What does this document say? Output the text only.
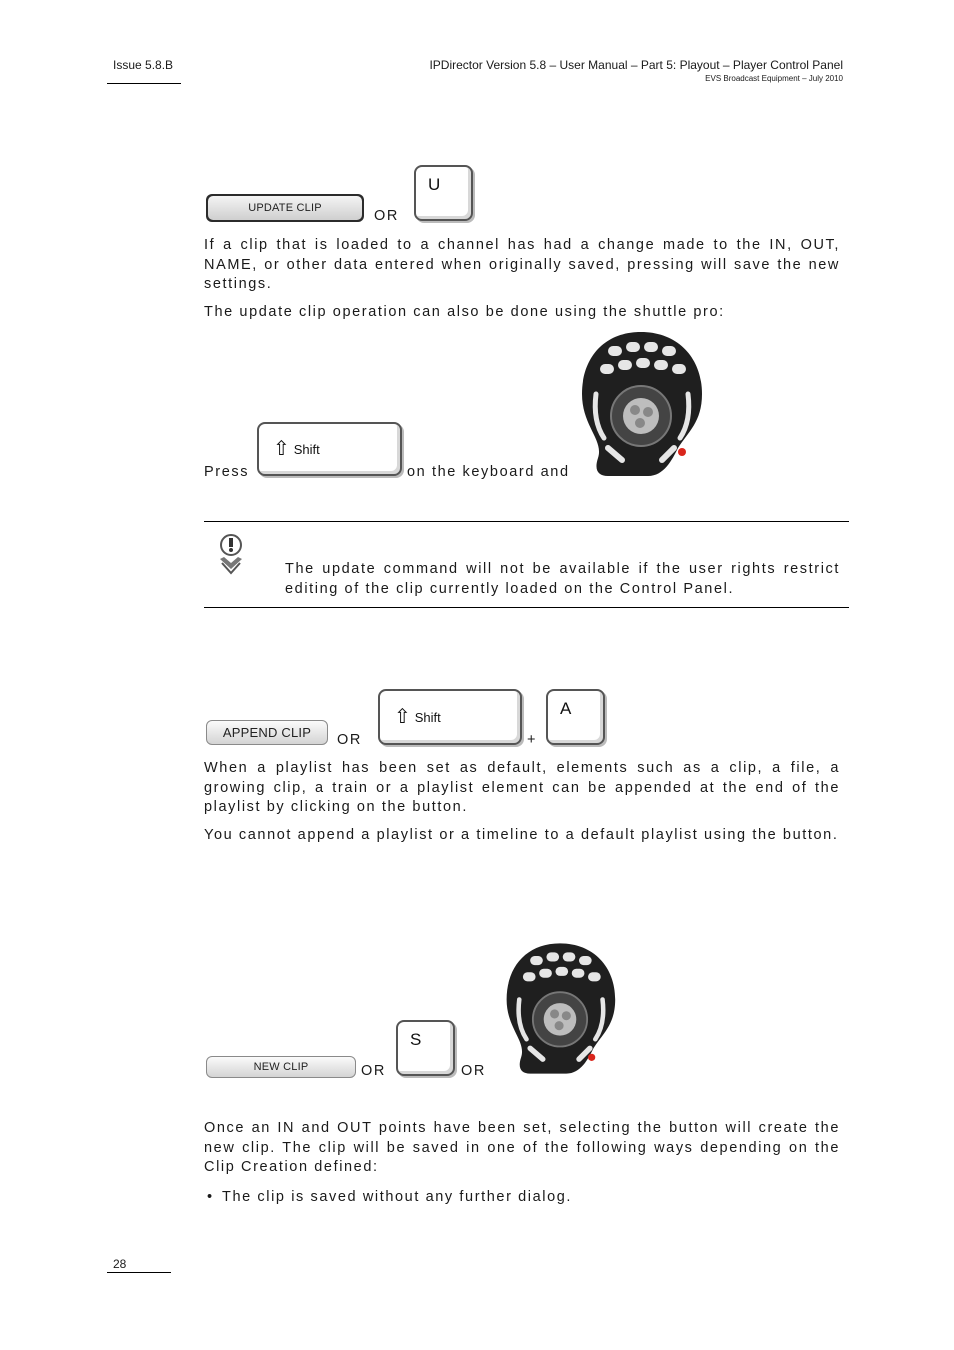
Issue 5.8.B	IPDirector Version 5.8 – User Manual – Part 5: Playout – Player Control Panel
EVS Broadcast Equipment – July 2010
UPDATE CLIP	OR
U
If a clip that is loaded to a channel has had a change made to the IN, OUT, NAME, or other data entered when originally saved, pressing will save the new settings.
The update clip operation can also be done using the shuttle pro:
Press
⇧ Shift
on the keyboard and
The update command will not be available if the user rights restrict editing of the clip currently loaded on the Control Panel.
APPEND CLIP	OR
⇧ Shift
+
A
When a playlist has been set as default, elements such as a clip, a file, a growing clip, a train or a playlist element can be appended at the end of the playlist by clicking on the button.
You cannot append a playlist or a timeline to a default playlist using the button.
NEW CLIP	OR
S
OR
Once an IN and OUT points have been set, selecting the button will create the new clip. The clip will be saved in one of the following ways depending on the Clip Creation defined:
• The clip is saved without any further dialog.
28
